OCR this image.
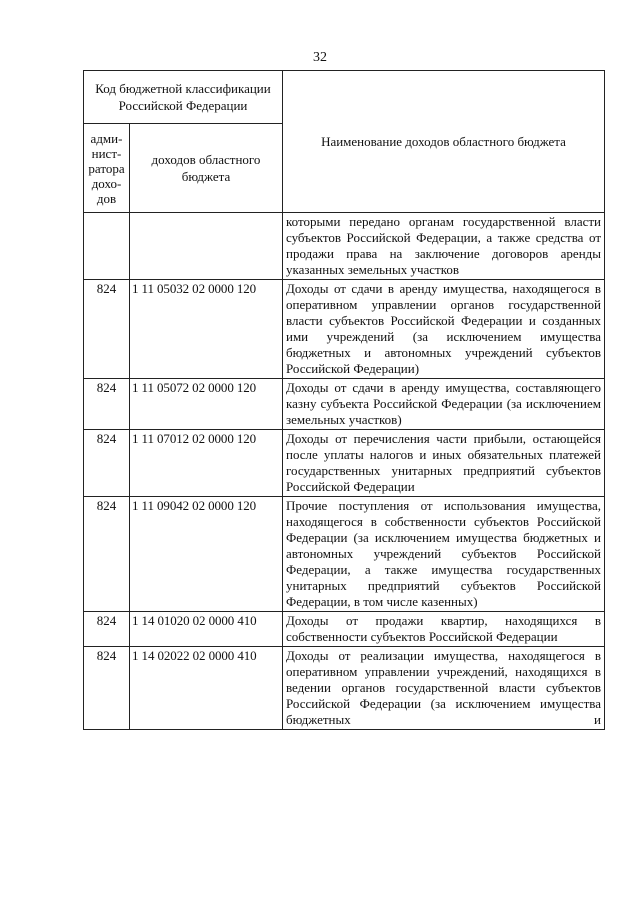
32
Код бюджетной классификации Российской Федерации		Наименование доходов областного бюджета
адми-нист-ратора дохо-дов	доходов областного бюджета	
		которыми передано органам государственной власти субъектов Российской Федерации, а также средства от продажи права на заключение договоров аренды указанных земельных участков
824	1 11 05032 02 0000 120	Доходы от сдачи в аренду имущества, находящегося в оперативном управлении органов государственной власти субъектов Российской Федерации и созданных ими учреждений (за исключением имущества бюджетных и автономных учреждений субъектов Российской Федерации)
824	1 11 05072 02 0000 120	Доходы от сдачи в аренду имущества, составляющего казну субъекта Российской Федерации (за исключением земельных участков)
824	1 11 07012 02 0000 120	Доходы от перечисления части прибыли, остающейся после уплаты налогов и иных обязательных платежей государственных унитарных предприятий субъектов Российской Федерации
824	1 11 09042 02 0000 120	Прочие поступления от использования имущества, находящегося в собственности субъектов Российской Федерации (за исключением имущества бюджетных и автономных учреждений субъектов Российской Федерации, а также имущества государственных унитарных предприятий субъектов Российской Федерации, в том числе казенных)
824	1 14 01020 02 0000 410	Доходы от продажи квартир, находящихся в собственности субъектов Российской Федерации
824	1 14 02022 02 0000 410	Доходы от реализации имущества, находящегося в оперативном управлении учреждений, находящихся в ведении органов государственной власти субъектов Российской Федерации (за исключением имущества бюджетных и
